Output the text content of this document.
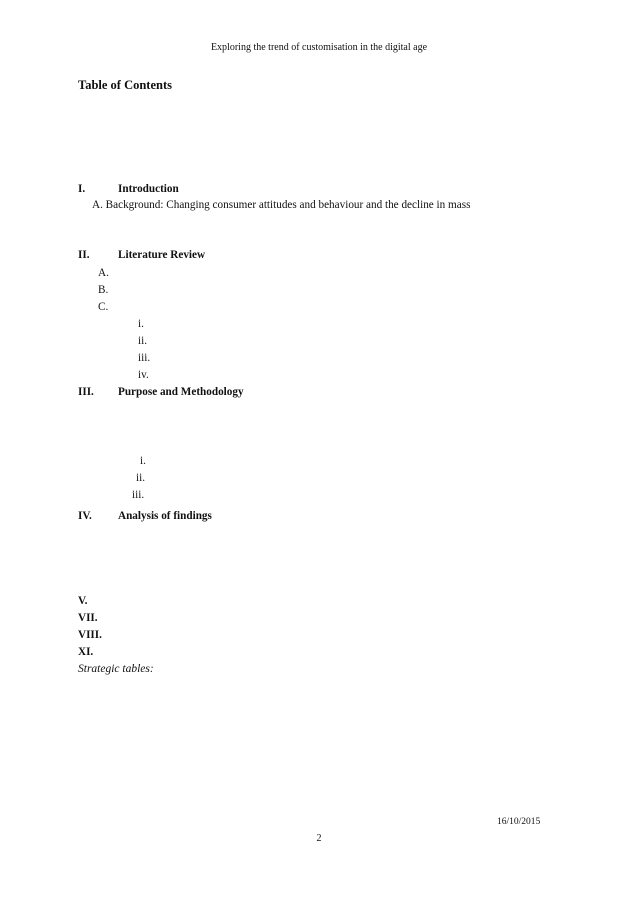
Exploring the trend of customisation in the digital age
Table of Contents
I.	Introduction
A. Background: Changing consumer attitudes and behaviour and the decline in mass
II.	Literature Review
A.
B.
C.
i.
ii.
iii.
iv.
III. Purpose and Methodology
i.
ii.
iii.
IV. Analysis of findings
V.
VII.
VIII.
XI.
Strategic tables:
16/10/2015
2
